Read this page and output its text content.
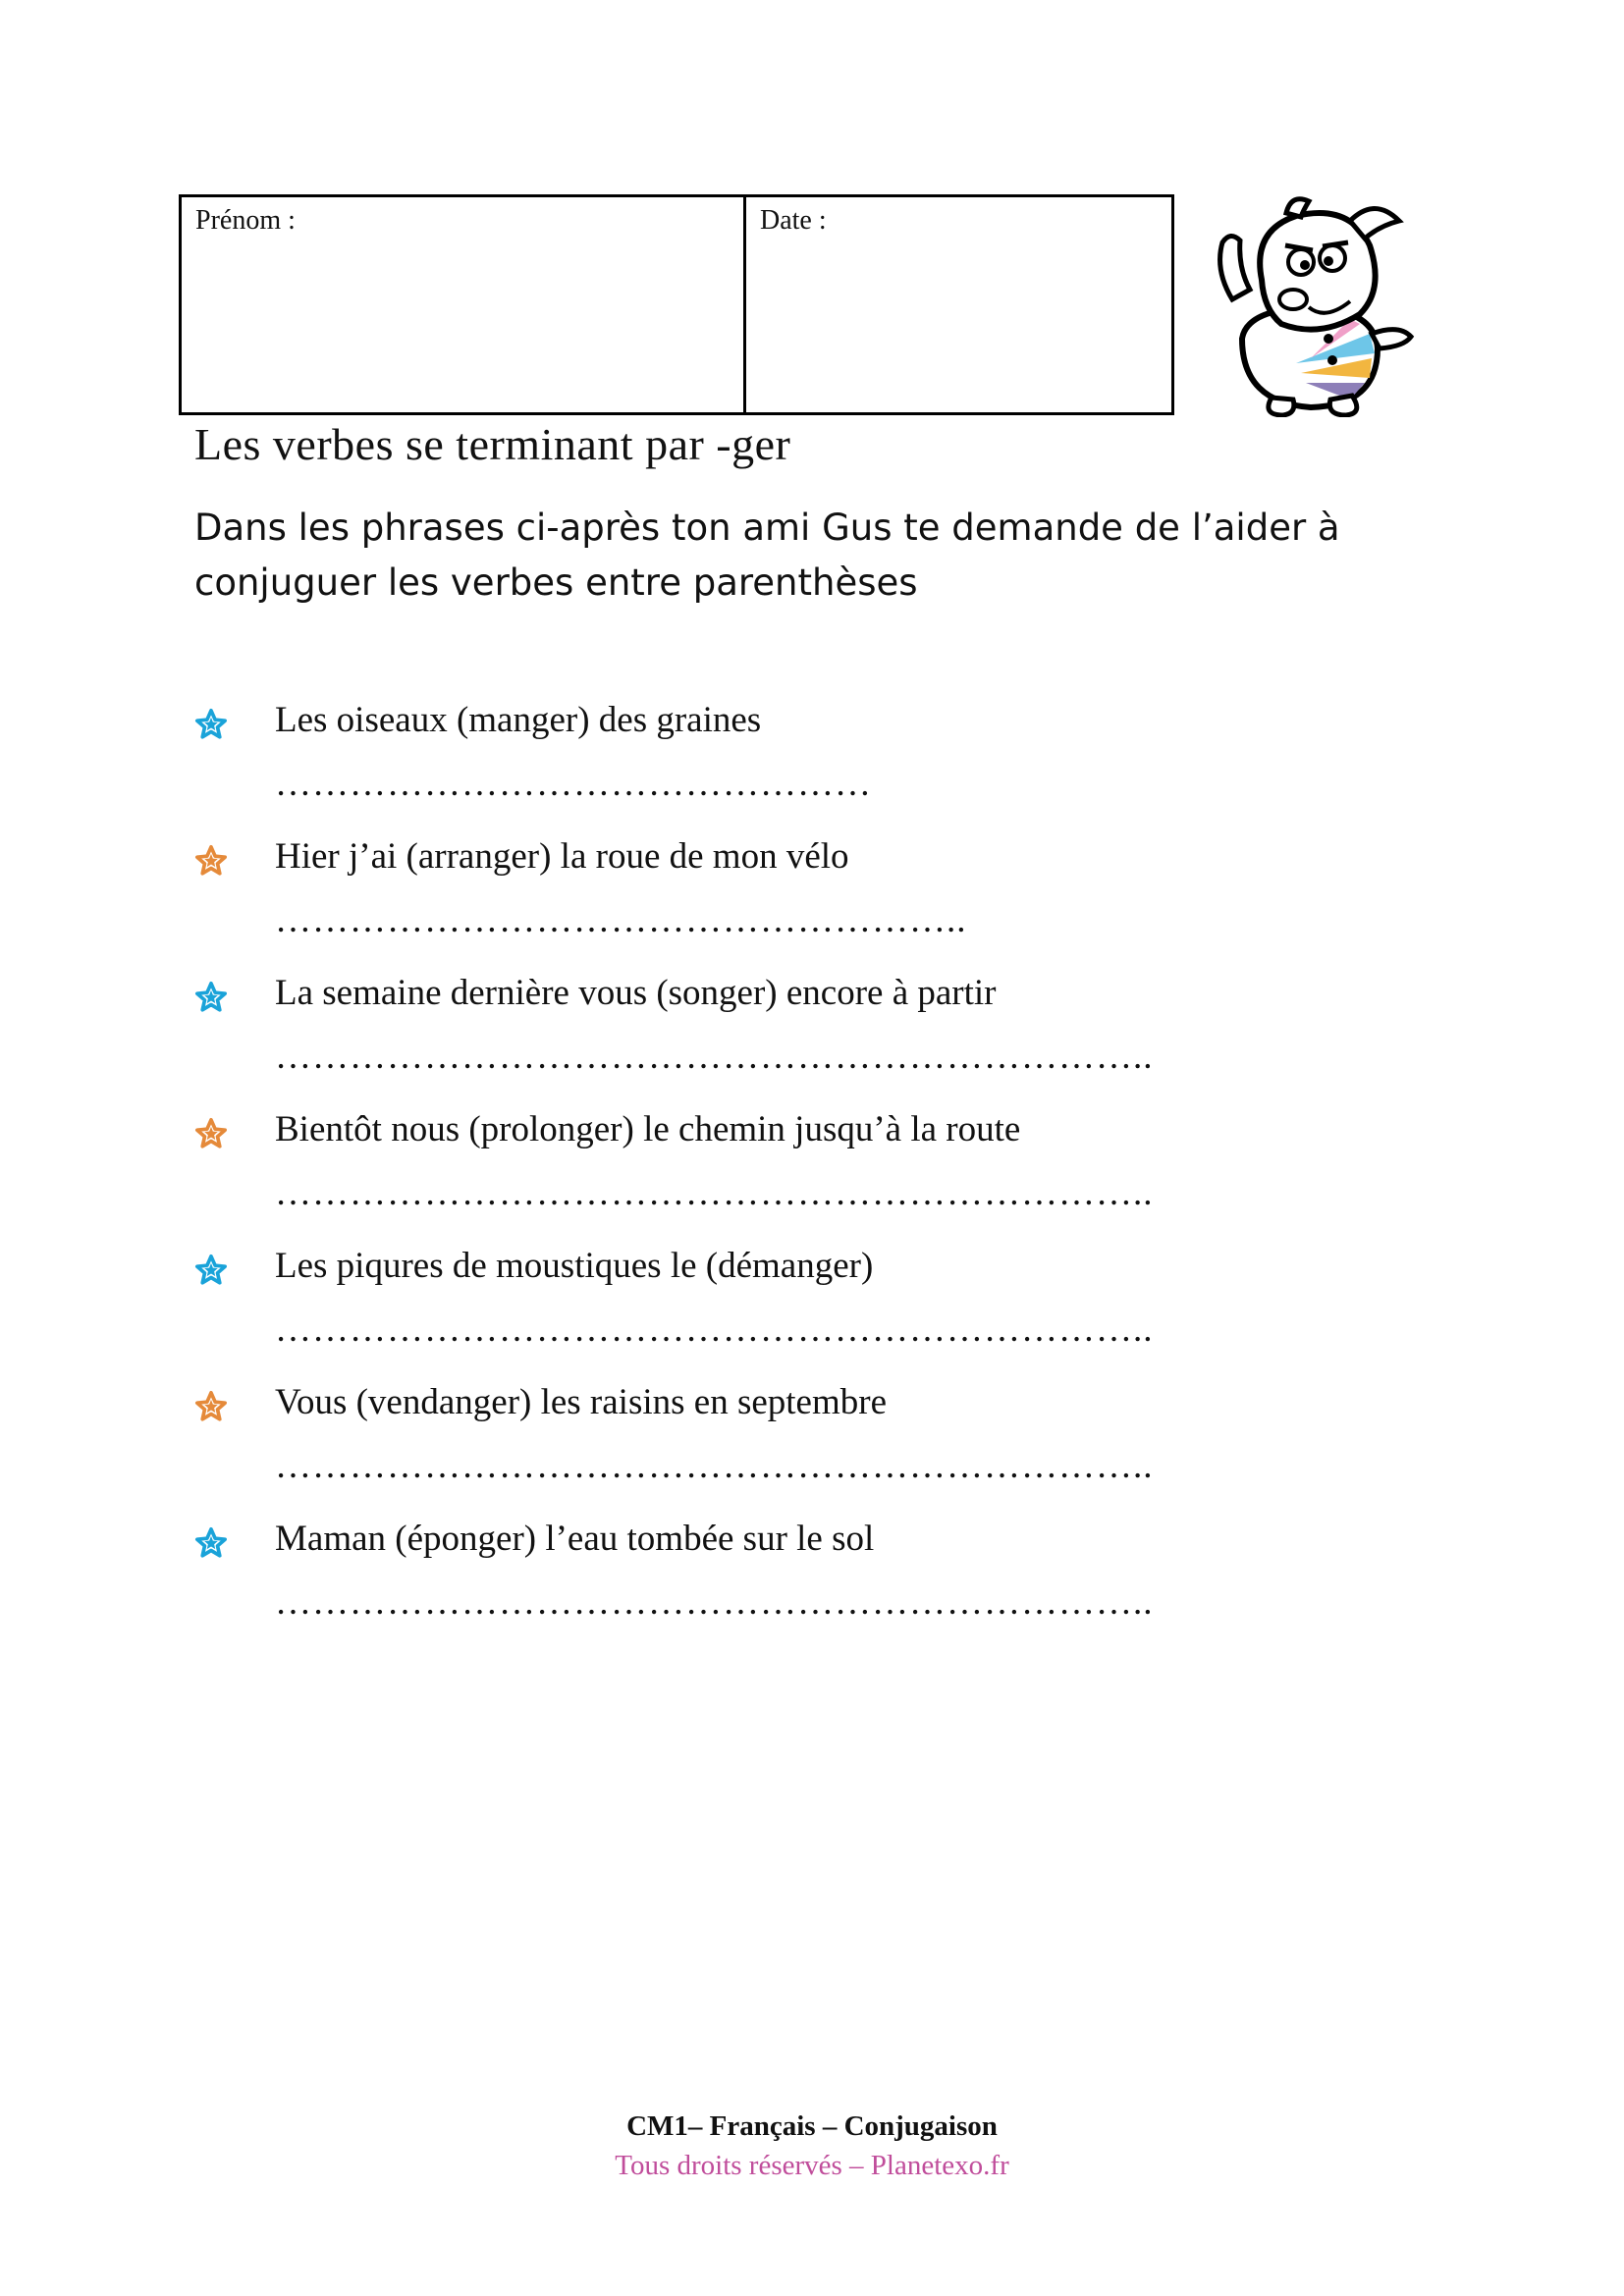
Prénom :	Date :
Les verbes se terminant par -ger
Dans les phrases ci-après ton ami Gus te demande de l’aider à conjuguer les verbes entre parenthèses
Les oiseaux (manger) des graines
…………………………………………
Hier j’ai (arranger) la roue de mon vélo
………………………………………………..
La semaine dernière vous (songer) encore à partir
……………………………………………………………..
Bientôt nous (prolonger) le chemin jusqu’à la route
……………………………………………………………..
Les piqures de moustiques le (démanger)
……………………………………………………………..
Vous (vendanger) les raisins en septembre
……………………………………………………………..
Maman (éponger) l’eau tombée sur le sol
……………………………………………………………..
CM1– Français – Conjugaison
Tous droits réservés – Planetexo.fr
